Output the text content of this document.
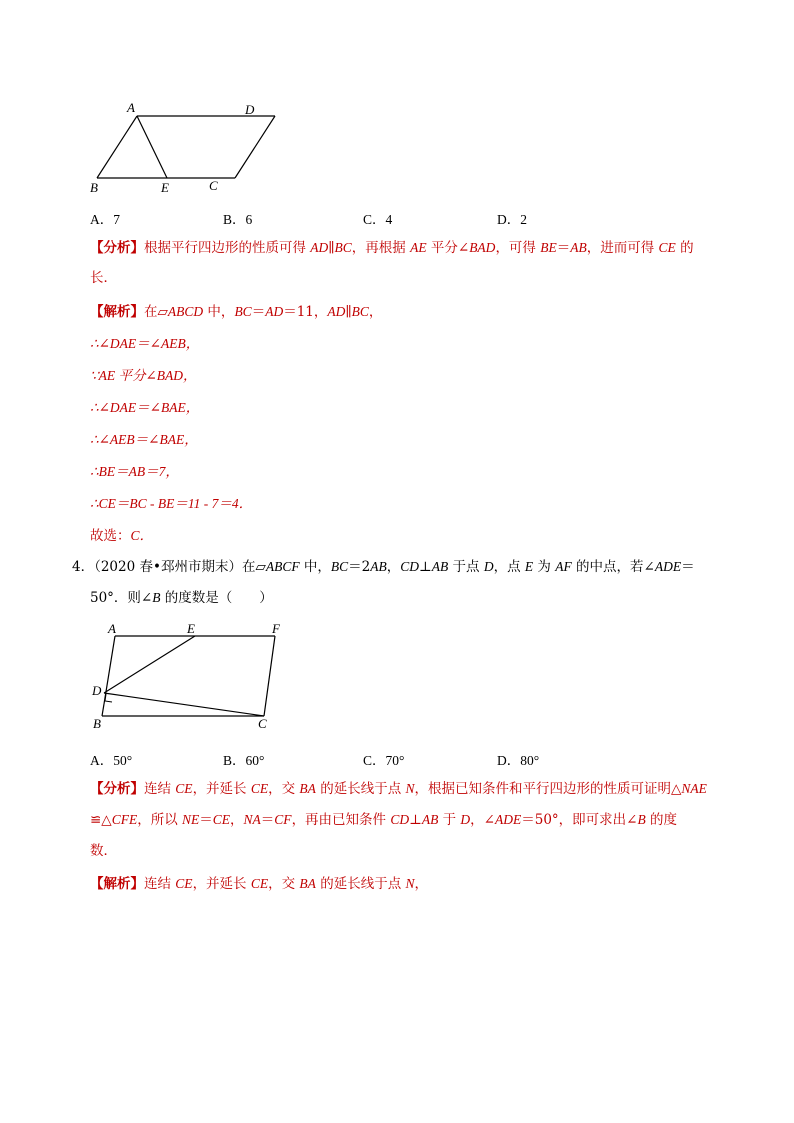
A	D
B	E	C
A．7	B．6	C．4	D．2
【分析】根据平行四边形的性质可得 AD∥BC，再根据 AE 平分∠BAD，可得 BE＝AB，进而可得 CE 的
长．
【解析】在▱ABCD 中，BC＝AD＝11，AD∥BC，
∴∠DAE＝∠AEB，
∵AE 平分∠BAD，
∴∠DAE＝∠BAE，
∴∠AEB＝∠BAE，
∴BE＝AB＝7，
∴CE＝BC - BE＝11 - 7＝4．
故选：C．
4．（2020 春•邳州市期末）在▱ABCF 中，BC＝2AB，CD⊥AB 于点 D，点 E 为 AF 的中点，若∠ADE＝
50°．则∠B 的度数是（　　）
A	E	F
D
B	C
A．50°	B．60°	C．70°	D．80°
【分析】连结 CE，并延长 CE，交 BA 的延长线于点 N，根据已知条件和平行四边形的性质可证明△NAE
≌△CFE，所以 NE＝CE，NA＝CF，再由已知条件 CD⊥AB 于 D，∠ADE＝50°，即可求出∠B 的度
数．
【解析】连结 CE，并延长 CE，交 BA 的延长线于点 N，
